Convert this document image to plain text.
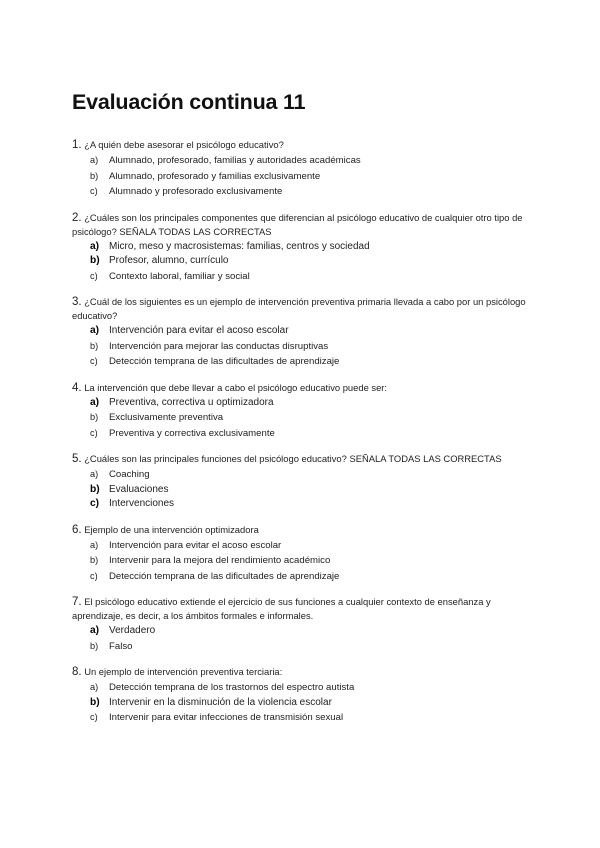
Evaluación continua 11

1. ¿A quién debe asesorar el psicólogo educativo?

a)	Alumnado, profesorado, familias y autoridades académicas
b)	Alumnado, profesorado y familias exclusivamente
c)	Alumnado y profesorado exclusivamente

2. ¿Cuáles son los principales componentes que diferencian al psicólogo educativo de cualquier otro tipo de psicólogo? SEÑALA TODAS LAS CORRECTAS

a) Micro, meso y macrosistemas: familias, centros y sociedad
b) Profesor, alumno, currículo
c)	Contexto laboral, familiar y social

3. ¿Cuál de los siguientes es un ejemplo de intervención preventiva primaria llevada a cabo por un psicólogo educativo?

a) Intervención para evitar el acoso escolar
b)	Intervención para mejorar las conductas disruptivas
c)	Detección temprana de las dificultades de aprendizaje

4. La intervención que debe llevar a cabo el psicólogo educativo puede ser:

a) Preventiva, correctiva u optimizadora
b)	Exclusivamente preventiva
c)	Preventiva y correctiva exclusivamente

5. ¿Cuáles son las principales funciones del psicólogo educativo? SEÑALA TODAS LAS CORRECTAS

a)	Coaching
b) Evaluaciones
c) Intervenciones

6. Ejemplo de una intervención optimizadora

a)	Intervención para evitar el acoso escolar
b)	Intervenir para la mejora del rendimiento académico
c)	Detección temprana de las dificultades de aprendizaje

7. El psicólogo educativo extiende el ejercicio de sus funciones a cualquier contexto de enseñanza y aprendizaje, es decir, a los ámbitos formales e informales.

a) Verdadero
b)	Falso

8. Un ejemplo de intervención preventiva terciaria:

a)	Detección temprana de los trastornos del espectro autista
b) Intervenir en la disminución de la violencia escolar
c)	Intervenir para evitar infecciones de transmisión sexual
